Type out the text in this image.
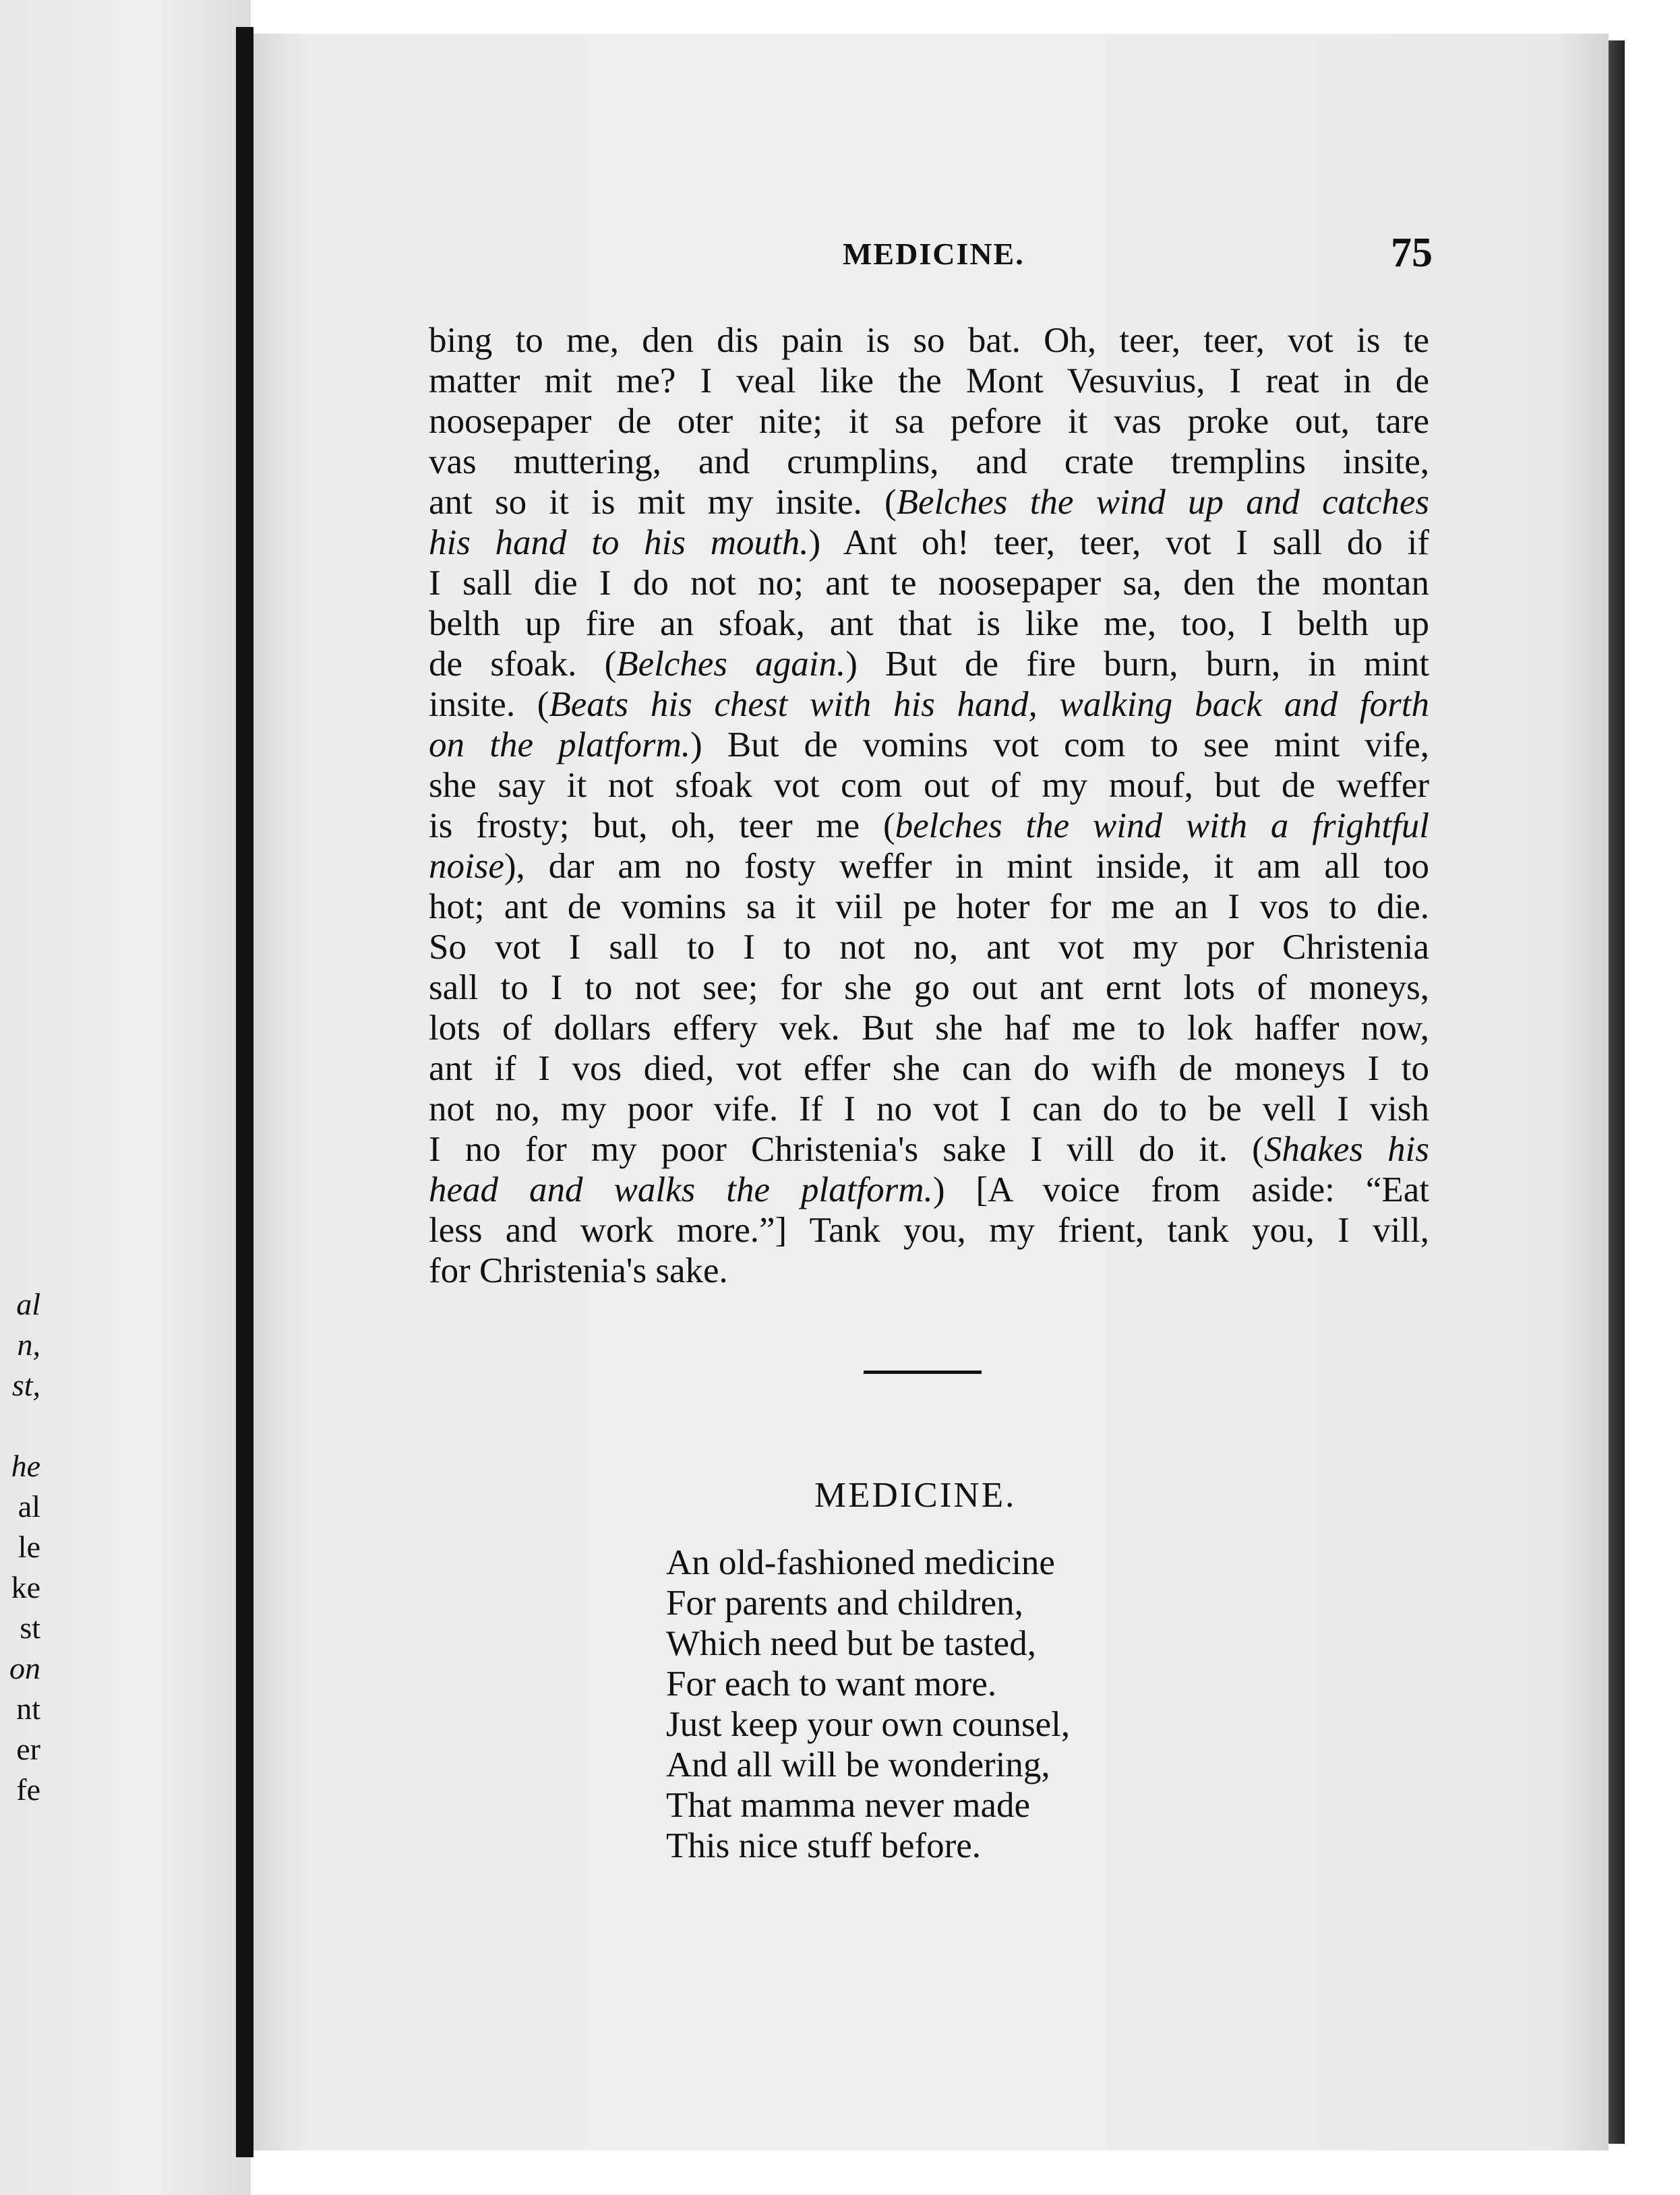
al
n,
st,

he
al
le
ke
st
on
nt
er
fe
MEDICINE.	75
bing to me, den dis pain is so bat. Oh, teer, teer, vot is te
matter mit me? I veal like the Mont Vesuvius, I reat in de
noosepaper de oter nite; it sa pefore it vas proke out, tare
vas muttering, and crumplins, and crate tremplins insite,
ant so it is mit my insite. (Belches the wind up and catches
his hand to his mouth.) Ant oh! teer, teer, vot I sall do if
I sall die I do not no; ant te noosepaper sa, den the montan
belth up fire an sfoak, ant that is like me, too, I belth up
de sfoak. (Belches again.) But de fire burn, burn, in mint
insite. (Beats his chest with his hand, walking back and forth
on the platform.) But de vomins vot com to see mint vife,
she say it not sfoak vot com out of my mouf, but de weffer
is frosty; but, oh, teer me (belches the wind with a frightful
noise), dar am no fosty weffer in mint inside, it am all too
hot; ant de vomins sa it viil pe hoter for me an I vos to die.
So vot I sall to I to not no, ant vot my por Christenia
sall to I to not see; for she go out ant ernt lots of moneys,
lots of dollars effery vek. But she haf me to lok haffer now,
ant if I vos died, vot effer she can do wifh de moneys I to
not no, my poor vife. If I no vot I can do to be vell I vish
I no for my poor Christenia's sake I vill do it. (Shakes his
head and walks the platform.) [A voice from aside: “Eat
less and work more.”] Tank you, my frient, tank you, I vill,
for Christenia's sake.
MEDICINE.
An old-fashioned medicine
For parents and children,
Which need but be tasted,
For each to want more.
Just keep your own counsel,
And all will be wondering,
That mamma never made
This nice stuff before.
